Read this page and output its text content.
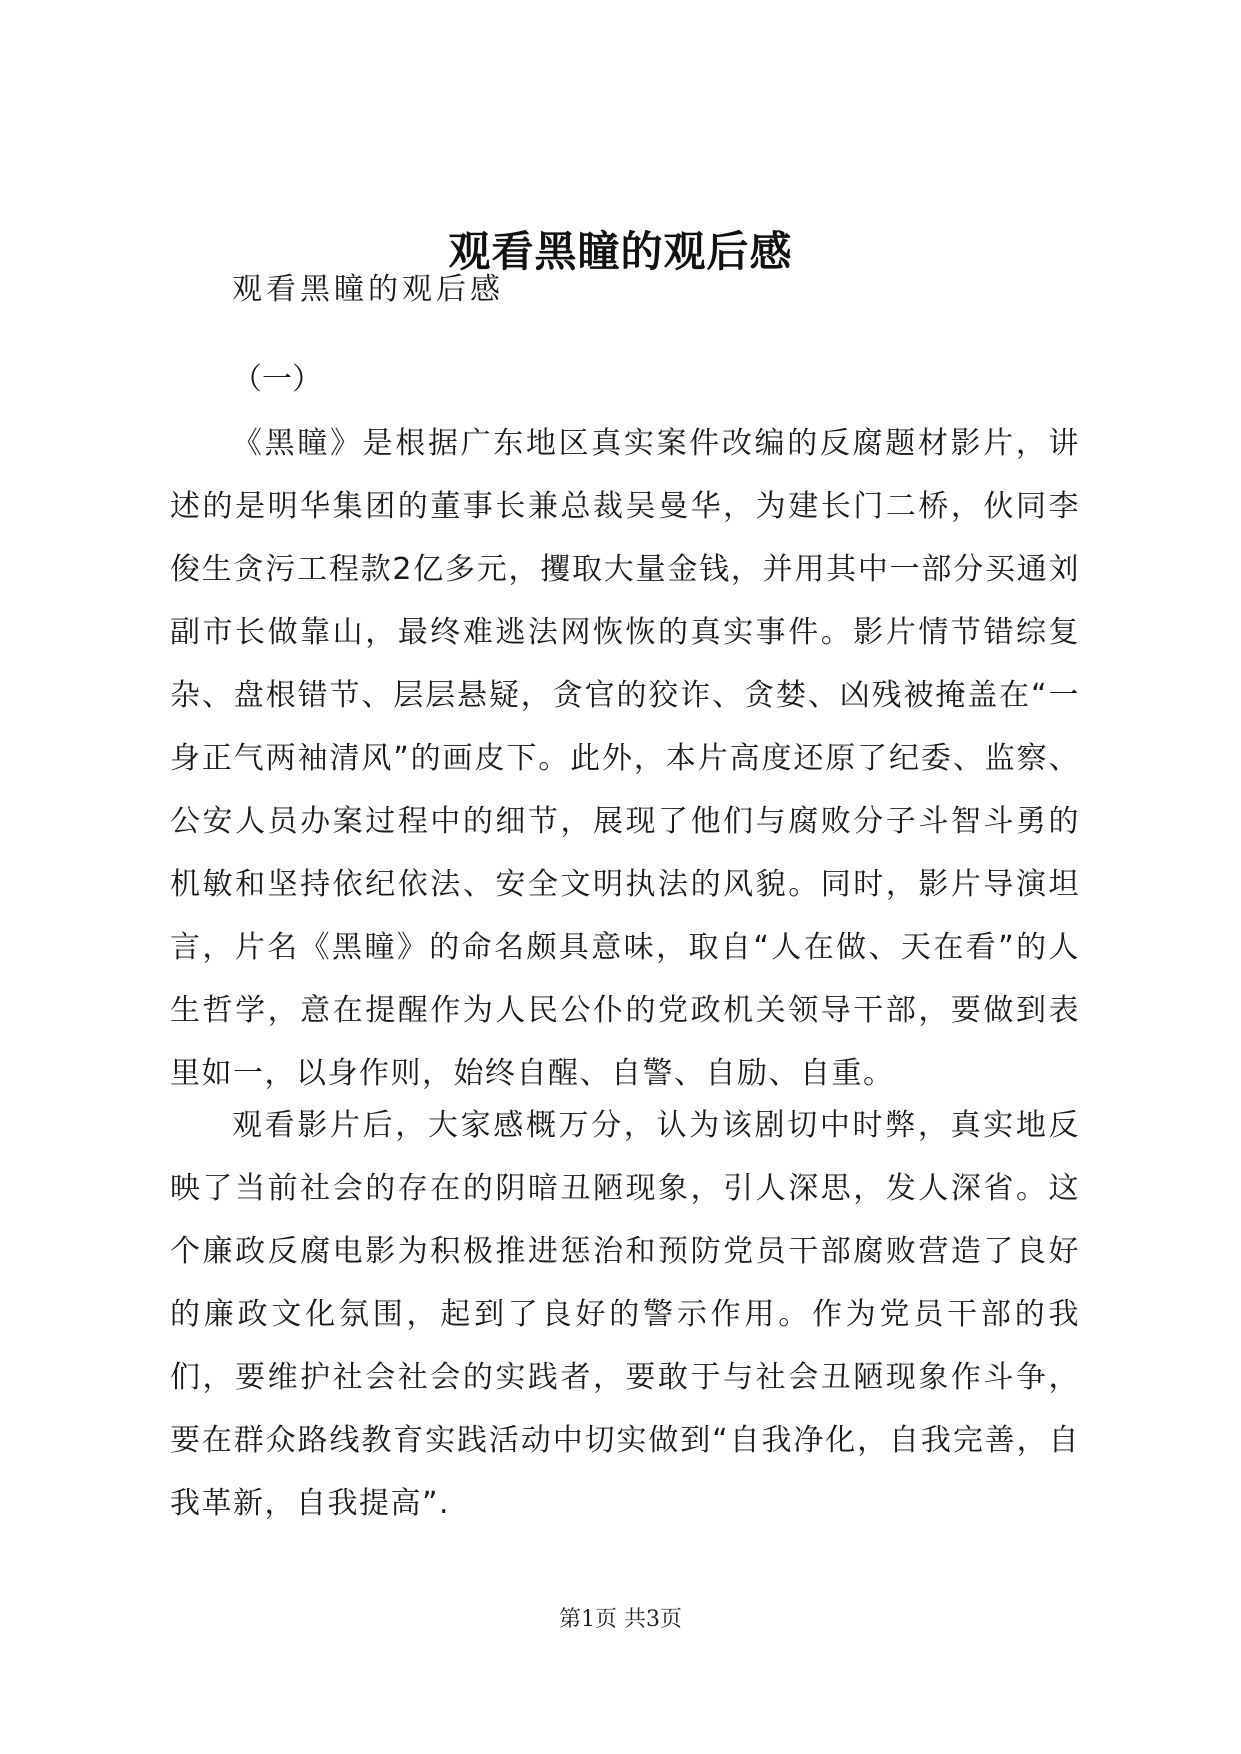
观看黑瞳的观后感
观看黑瞳的观后感
（一）

《黑瞳》是根据广东地区真实案件改编的反腐题材影片，讲述的是明华集团的董事长兼总裁吴曼华，为建长门二桥，伙同李俊生贪污工程款2亿多元，攫取大量金钱，并用其中一部分买通刘副市长做靠山，最终难逃法网恢恢的真实事件。影片情节错综复杂、盘根错节、层层悬疑，贪官的狡诈、贪婪、凶残被掩盖在“一身正气两袖清风”的画皮下。此外，本片高度还原了纪委、监察、公安人员办案过程中的细节，展现了他们与腐败分子斗智斗勇的机敏和坚持依纪依法、安全文明执法的风貌。同时，影片导演坦言，片名《黑瞳》的命名颇具意味，取自“人在做、天在看”的人生哲学，意在提醒作为人民公仆的党政机关领导干部，要做到表里如一，以身作则，始终自醒、自警、自励、自重。

观看影片后，大家感概万分，认为该剧切中时弊，真实地反映了当前社会的存在的阴暗丑陋现象，引人深思，发人深省。这个廉政反腐电影为积极推进惩治和预防党员干部腐败营造了良好的廉政文化氛围，起到了良好的警示作用。作为党员干部的我们，要维护社会社会的实践者，要敢于与社会丑陋现象作斗争，要在群众路线教育实践活动中切实做到“自我净化，自我完善，自我革新，自我提高”.

第1页 共3页
